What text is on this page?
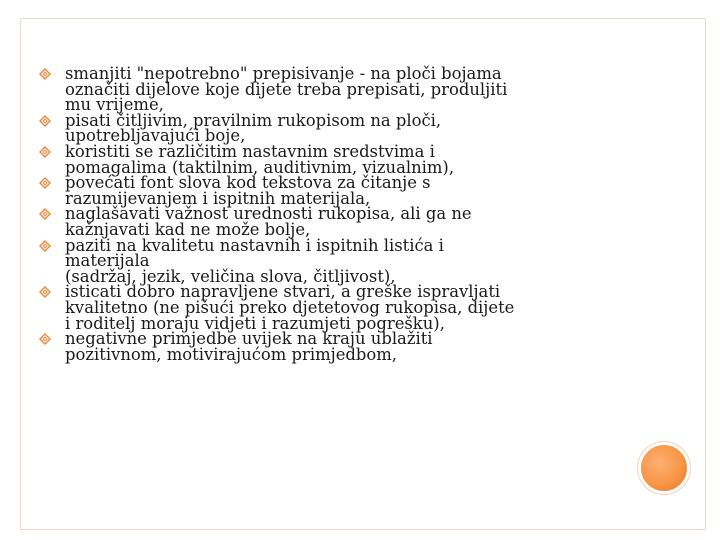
smanjiti "nepotrebno" prepisivanje - na ploči bojama
označiti dijelove koje dijete treba prepisati, produljiti
mu vrijeme,
pisati čitljivim, pravilnim rukopisom na ploči,
upotrebljavajući boje,
koristiti se različitim nastavnim sredstvima i
pomagalima (taktilnim, auditivnim, vizualnim),
povećati font slova kod tekstova za čitanje s
razumijevanjem i ispitnih materijala,
naglašavati važnost urednosti rukopisa, ali ga ne
kažnjavati kad ne može bolje,
paziti na kvalitetu nastavnih i ispitnih listića i
materijala
(sadržaj, jezik, veličina slova, čitljivost),
isticati dobro napravljene stvari, a greške ispravljati
kvalitetno (ne pišući preko djetetovog rukopisa, dijete
i roditelj moraju vidjeti i razumjeti pogrešku),
negativne primjedbe uvijek na kraju ublažiti
pozitivnom, motivirajućom primjedbom,
